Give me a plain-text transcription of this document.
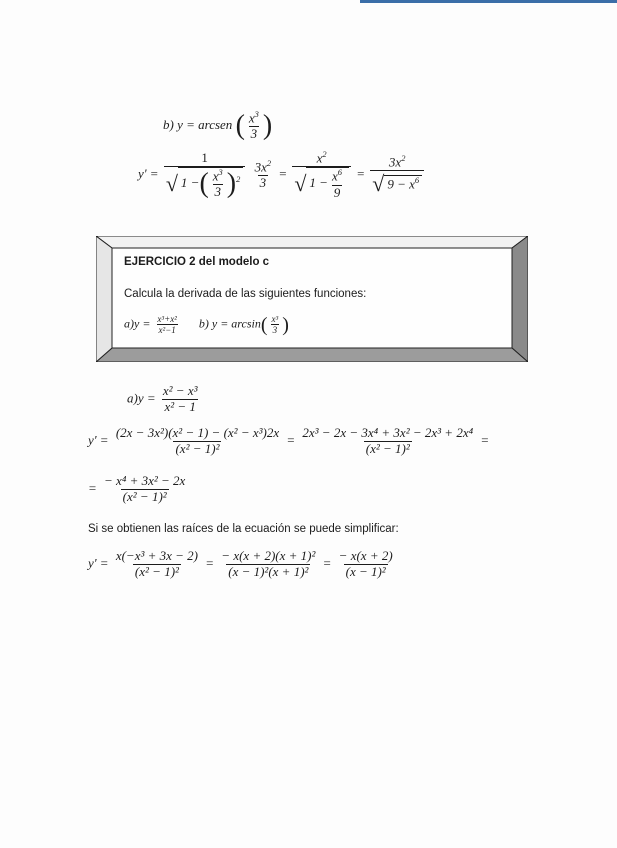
b) y = arcsen ( $\frac{x^3}{3}$ )
$y' = \frac{1}{√ 1 -( \frac{x^3}{3} )^2}$
$\frac{3x^2}{3} = \frac{x^2}{√ 1 - \frac{x^6}{9}} = \frac{3x^2}{√ 9 - x^6}$
EJERCICIO 2 del modelo c
Calcula la derivada de las siguientes funciones:
$a)y = \frac{\text{x³+x²}}{\text{x²−1}} b$) $y = \arcsin( \frac{\text{x³}}{3}$ )
$a)y = \frac{\text{x² − x³}}{\text{x² − 1}}$
$y' = \frac{\text{(2x − 3x²)(x² − 1) − (x² − x³)2x}}{\text{(x² − 1)²}} = \frac{\text{2x³ − 2x − 3x⁴ + 3x² − 2x³ + 2x⁴}}{\text{(x² − 1)²}}$ =
= $\frac{\text{− x⁴ + 3x² − 2x}}{\text{(x² − 1)²}}$
Si se obtienen las raíces de la ecuación se puede simplificar:
$y' = \frac{\text{x(−x³ + 3x − 2)}}{\text{(x² − 1)²}} = \frac{\text{− x(x + 2)(x + 1)²}}{\text{(x − 1)²(x + 1)²}} = \frac{- x(x + 2)}{\text{(x − 1)²}}$
